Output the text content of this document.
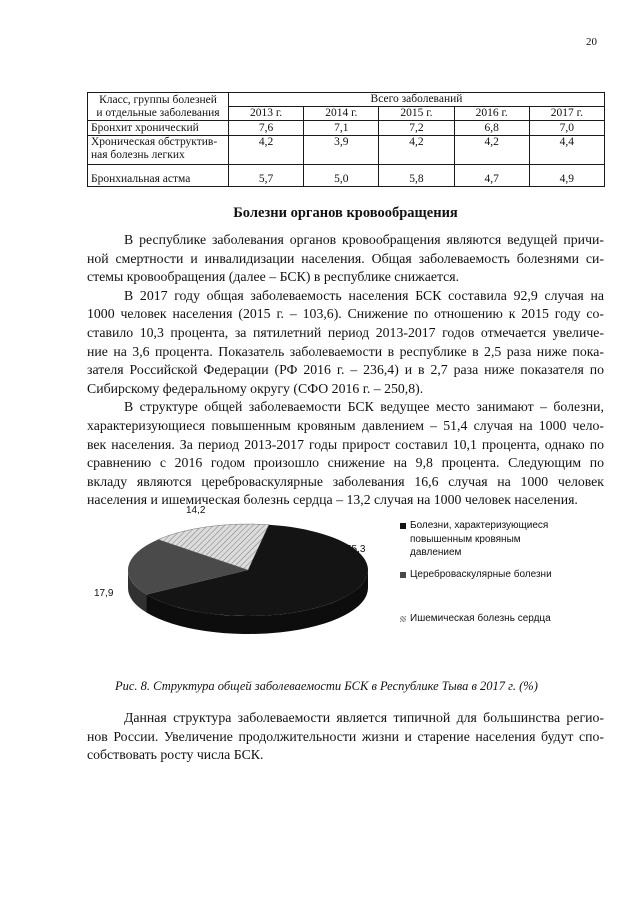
20
Класс, группы болезней
и отдельные заболевания	Всего заболеваний				
	2013 г.	2014 г.	2015 г.	2016 г.	2017 г.

Бронхит хронический	7,6	7,1	7,2	6,8	7,0

Хроническая обструктив-
ная болезнь легких	4,2	3,9	4,2	4,2	4,4

Бронхиальная астма	5,7	5,0	5,8	4,7	4,9
Болезни органов кровообращения
В республике заболевания органов кровообращения являются ведущей причи-
ной смертности и инвалидизации населения. Общая заболеваемость болезнями си-
стемы кровообращения (далее – БСК) в республике снижается.
В 2017 году общая заболеваемость населения БСК составила 92,9 случая на
1000 человек населения (2015 г. – 103,6). Снижение по отношению к 2015 году со-
ставило 10,3 процента, за пятилетний период 2013-2017 годов отмечается увеличе-
ние на 3,6 процента. Показатель заболеваемости в республике в 2,5 раза ниже пока-
зателя Российской Федерации (РФ 2016 г. – 236,4) и в 2,7 раза ниже показателя по
Сибирскому федеральному округу (СФО 2016 г. – 250,8).
В структуре общей заболеваемости БСК ведущее место занимают – болезни,
характеризующиеся повышенным кровяным давлением – 51,4 случая на 1000 чело-
век населения. За период 2013-2017 годы прирост составил 10,1 процента, однако по
сравнению с 2016 годом произошло снижение на 9,8 процента. Следующим по
вкладу являются цереброваскулярные заболевания 16,6 случая на 1000 человек
населения и ишемическая болезнь сердца – 13,2 случая на 1000 человек населения.
55,3
17,9
14,2
Болезни, характеризующиеся повышенным кровяным давлением
Цереброваскулярные болезни
Ишемическая болезнь сердца
Рис. 8. Структура общей заболеваемости БСК в Республике Тыва в 2017 г. (%)
Данная структура заболеваемости является типичной для большинства регио-
нов России. Увеличение продолжительности жизни и старение населения будут спо-
собствовать росту числа БСК.
